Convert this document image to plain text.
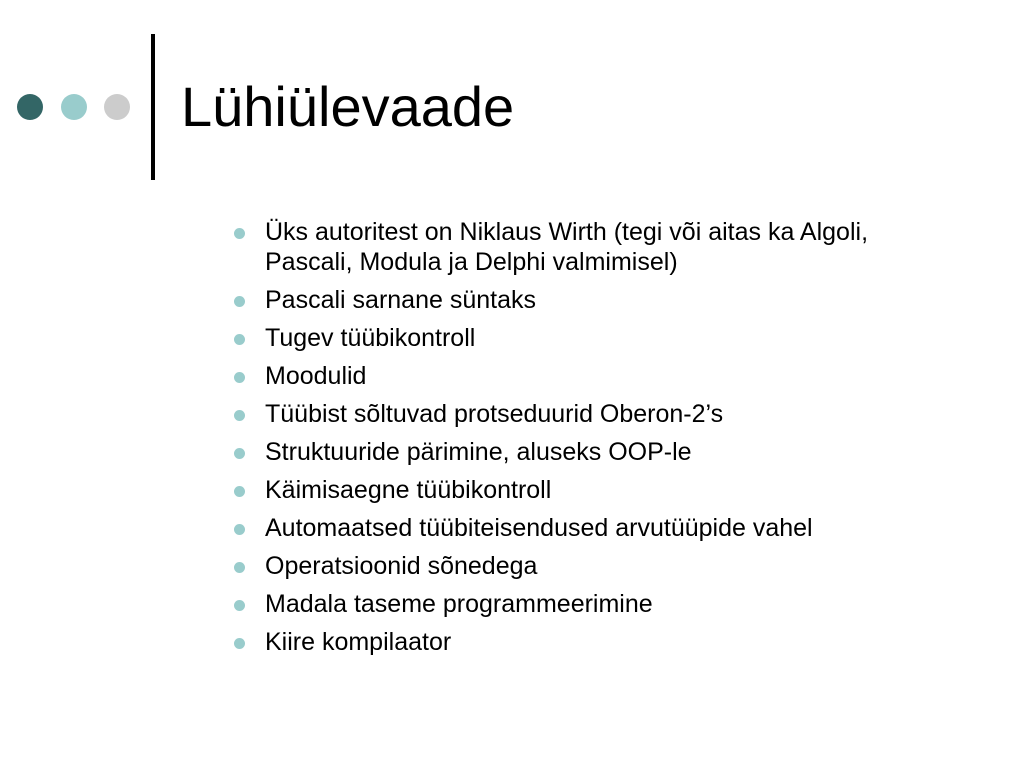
Lühiülevaade
Üks autoritest on Niklaus Wirth (tegi või aitas ka Algoli, Pascali, Modula ja Delphi valmimisel)
Pascali sarnane süntaks
Tugev tüübikontroll
Moodulid
Tüübist sõltuvad protseduurid Oberon-2’s
Struktuuride pärimine, aluseks OOP-le
Käimisaegne tüübikontroll
Automaatsed tüübiteisendused arvutüüpide vahel
Operatsioonid sõnedega
Madala taseme programmeerimine
Kiire kompilaator
